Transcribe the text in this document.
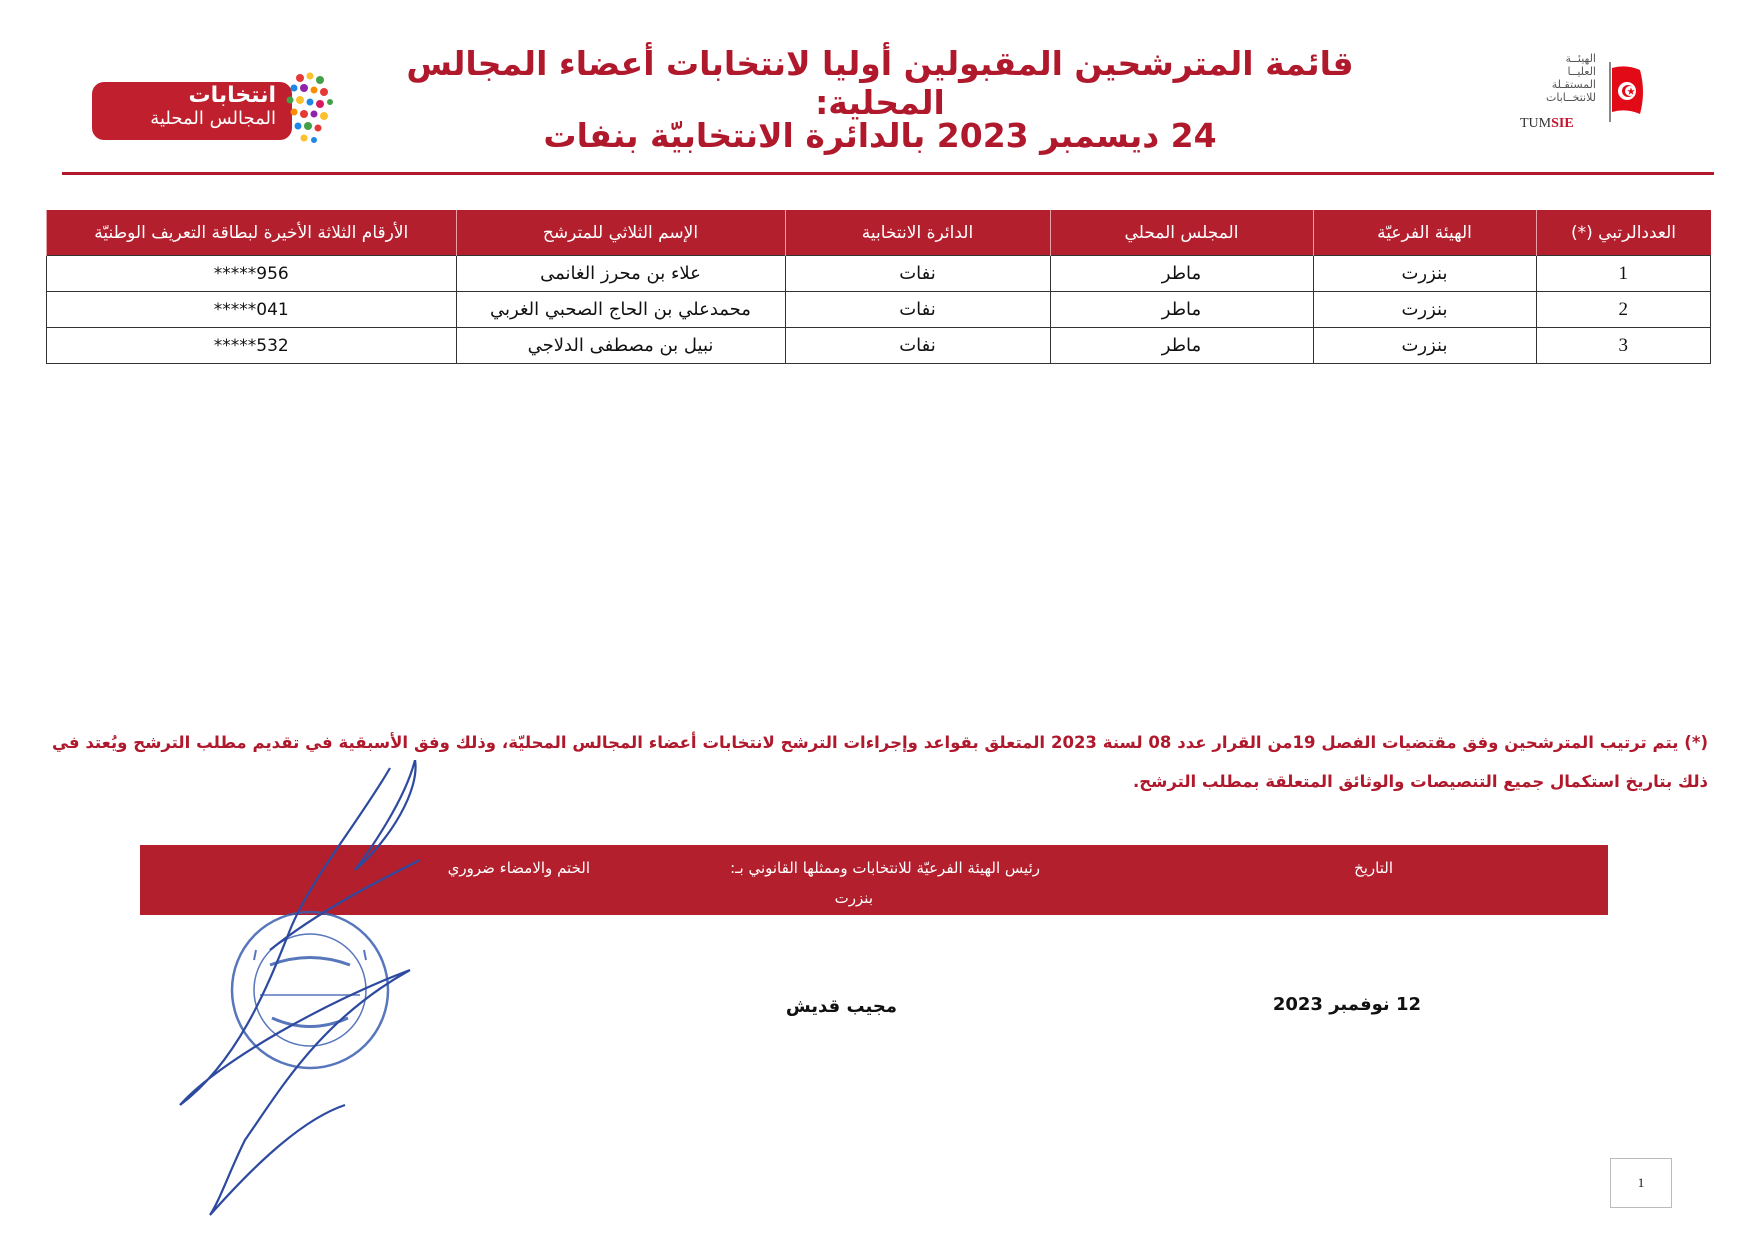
قائمة المترشحين المقبولين أوليا لانتخابات أعضاء المجالس المحلية:
24 ديسمبر 2023 بالدائرة الانتخابيّة بنفات
الهيئــة
العليــا
المستقـلة
للانتخــابات
TUMSIE
انتخابات
المجالس المحلية
العددالرتبي (*)	الهيئة الفرعيّة	المجلس المحلي	الدائرة الانتخابية	الإسم الثلاثي للمترشح	الأرقام الثلاثة الأخيرة لبطاقة التعريف الوطنيّة
1	بنزرت	ماطر	نفات	علاء بن محرز الغانمى	*****956
2	بنزرت	ماطر	نفات	محمدعلي بن الحاج الصحبي الغربي	*****041
3	بنزرت	ماطر	نفات	نبيل بن مصطفى الدلاجي	*****532
(*) يتم ترتيب المترشحين وفق مقتضيات الفصل 19من القرار عدد 08 لسنة 2023 المتعلق بقواعد وإجراءات الترشح لانتخابات أعضاء المجالس المحليّة، وذلك وفق الأسبقية في تقديم مطلب الترشح ويُعتد في ذلك بتاريخ استكمال جميع التنصيصات والوثائق المتعلقة بمطلب الترشح.
التاريخ
رئيس الهيئة الفرعيّة للانتخابات وممثلها القانوني بـ:
بنزرت
الختم والامضاء ضروري
12 نوفمبر 2023
مجيب قديش
1
